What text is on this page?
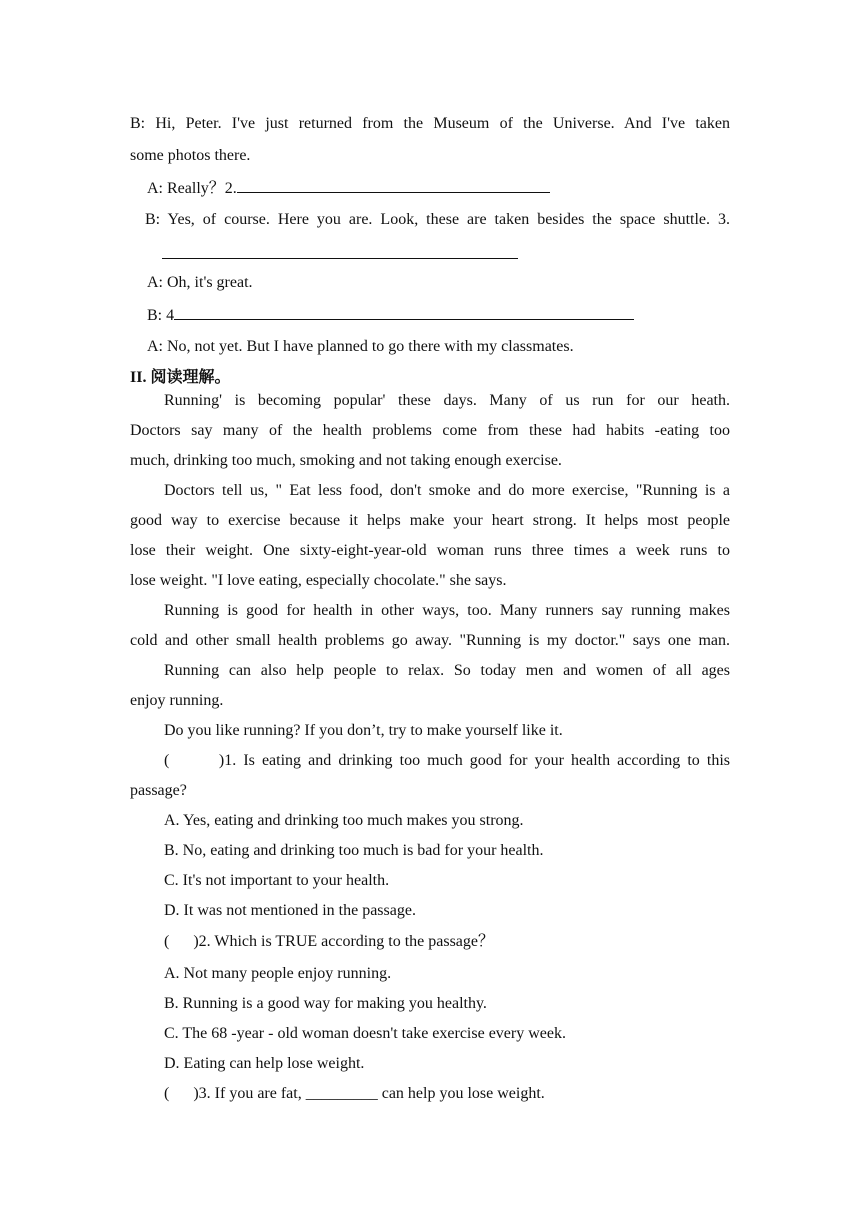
B: Hi, Peter. I've just returned from the Museum of the Universe. And I've taken
some photos there.
A: Really？2.
B: Yes, of course. Here you are. Look, these are taken besides the space shuttle. 3.
A: Oh, it's great.
B: 4
A: No, not yet. But I have planned to go there with my classmates.
II. 阅读理解。
Running' is becoming popular' these days. Many of us run for our heath.
Doctors say many of the health problems come from these had habits -eating too
much, drinking too much, smoking and not taking enough exercise.
Doctors tell us, " Eat less food, don't smoke and do more exercise, "Running is a
good way to exercise because it helps make your heart strong. It helps most people
lose their weight. One sixty-eight-year-old woman runs three times a week runs to
lose weight. "I love eating, especially chocolate." she says.
Running is good for health in other ways, too. Many runners say running makes
cold and other small health problems go away. "Running is my doctor." says one man.
Running can also help people to relax. So today men and women of all ages
enjoy running.
Do you like running? If you don’t, try to make yourself like it.
(       )1. Is eating and drinking too much good for your health according to this
passage?
A. Yes, eating and drinking too much makes you strong.
B. No, eating and drinking too much is bad for your health.
C. It's not important to your health.
D. It was not mentioned in the passage.
(      )2. Which is TRUE according to the passage？
A. Not many people enjoy running.
B. Running is a good way for making you healthy.
C. The 68 -year - old woman doesn't take exercise every week.
D. Eating can help lose weight.
(      )3. If you are fat, _________ can help you lose weight.
